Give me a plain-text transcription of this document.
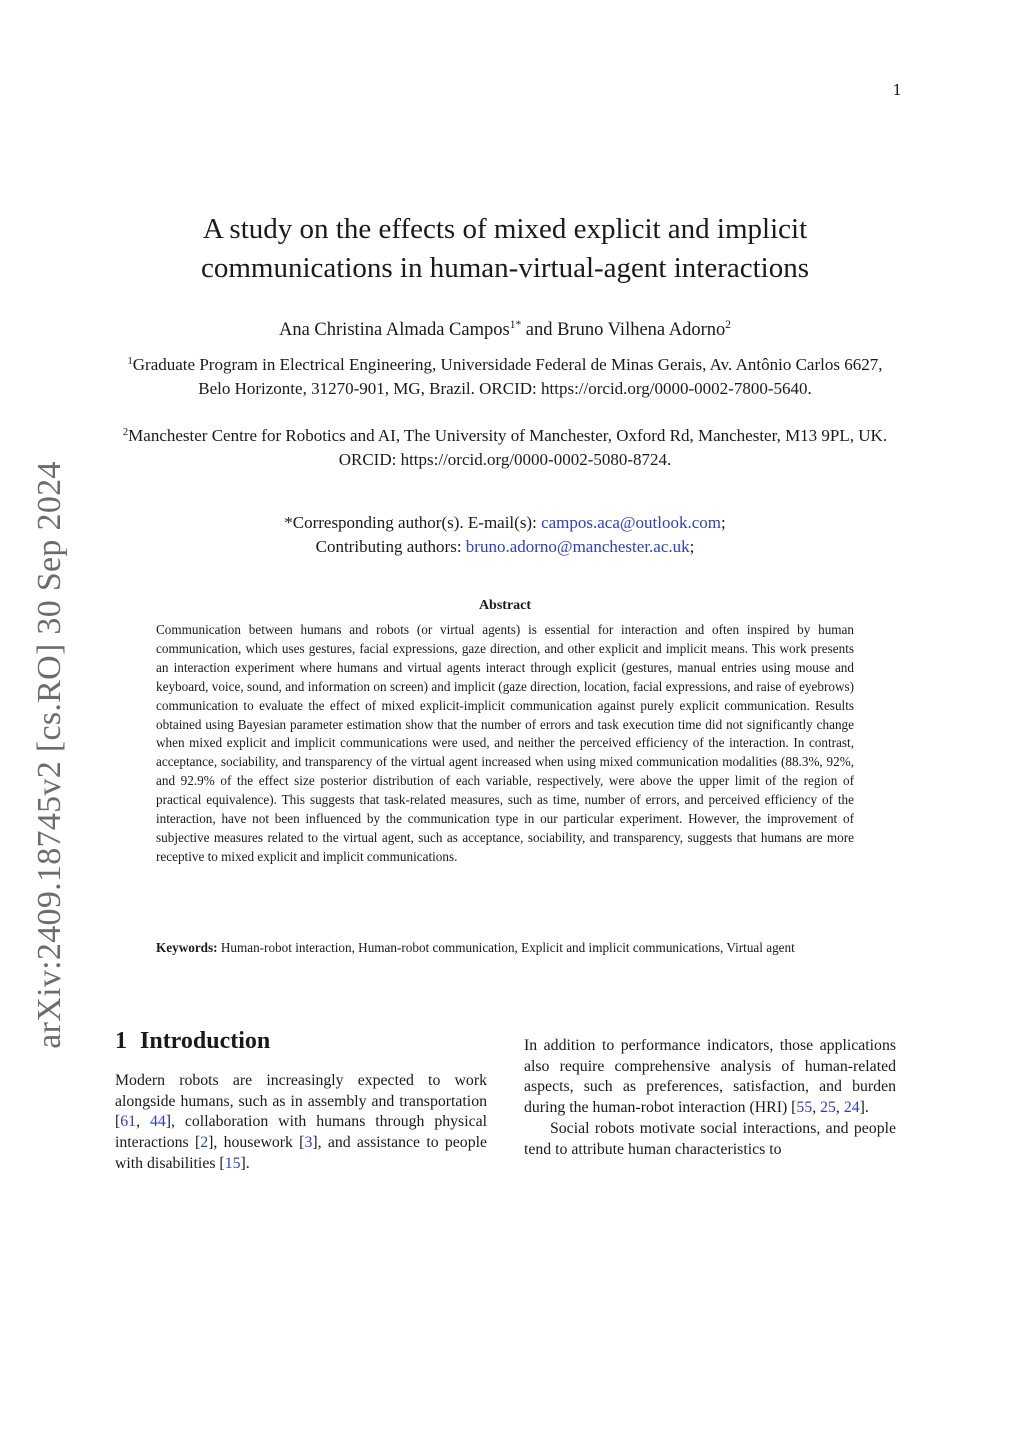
1
arXiv:2409.18745v2 [cs.RO] 30 Sep 2024
A study on the effects of mixed explicit and implicit
communications in human-virtual-agent interactions
Ana Christina Almada Campos$^{1*}$ and Bruno Vilhena Adorno$^2$
$^1$Graduate Program in Electrical Engineering, Universidade Federal de Minas Gerais, Av. Antônio Carlos 6627, Belo Horizonte, 31270-901, MG, Brazil. ORCID: https://orcid.org/0000-0002-7800-5640.
$^2$Manchester Centre for Robotics and AI, The University of Manchester, Oxford Rd, Manchester, M13 9PL, UK. ORCID: https://orcid.org/0000-0002-5080-8724.
*Corresponding author(s). E-mail(s): campos.aca@outlook.com;
Contributing authors: bruno.adorno@manchester.ac.uk;
Abstract
Communication between humans and robots (or virtual agents) is essential for interaction and often inspired by human communication, which uses gestures, facial expressions, gaze direction, and other explicit and implicit means. This work presents an interaction experiment where humans and virtual agents interact through explicit (gestures, manual entries using mouse and keyboard, voice, sound, and information on screen) and implicit (gaze direction, location, facial expressions, and raise of eyebrows) communication to evaluate the effect of mixed explicit-implicit communication against purely explicit communication. Results obtained using Bayesian parameter estimation show that the number of errors and task execution time did not significantly change when mixed explicit and implicit communications were used, and neither the perceived efficiency of the interaction. In contrast, acceptance, sociability, and transparency of the virtual agent increased when using mixed communication modalities (88.3%, 92%, and 92.9% of the effect size posterior distribution of each variable, respectively, were above the upper limit of the region of practical equivalence). This suggests that task-related measures, such as time, number of errors, and perceived efficiency of the interaction, have not been influenced by the communication type in our particular experiment. However, the improvement of subjective measures related to the virtual agent, such as acceptance, sociability, and transparency, suggests that humans are more receptive to mixed explicit and implicit communications.
Keywords: Human-robot interaction, Human-robot communication, Explicit and implicit communications, Virtual agent
1 Introduction

Modern robots are increasingly expected to work alongside humans, such as in assembly and transportation [61, 44], collaboration with humans through physical interactions [2], housework [3], and assistance to people with disabilities [15].

In addition to performance indicators, those applications also require comprehensive analysis of human-related aspects, such as preferences, satisfaction, and burden during the human-robot interaction (HRI) [55, 25, 24].

Social robots motivate social interactions, and people tend to attribute human characteristics to
